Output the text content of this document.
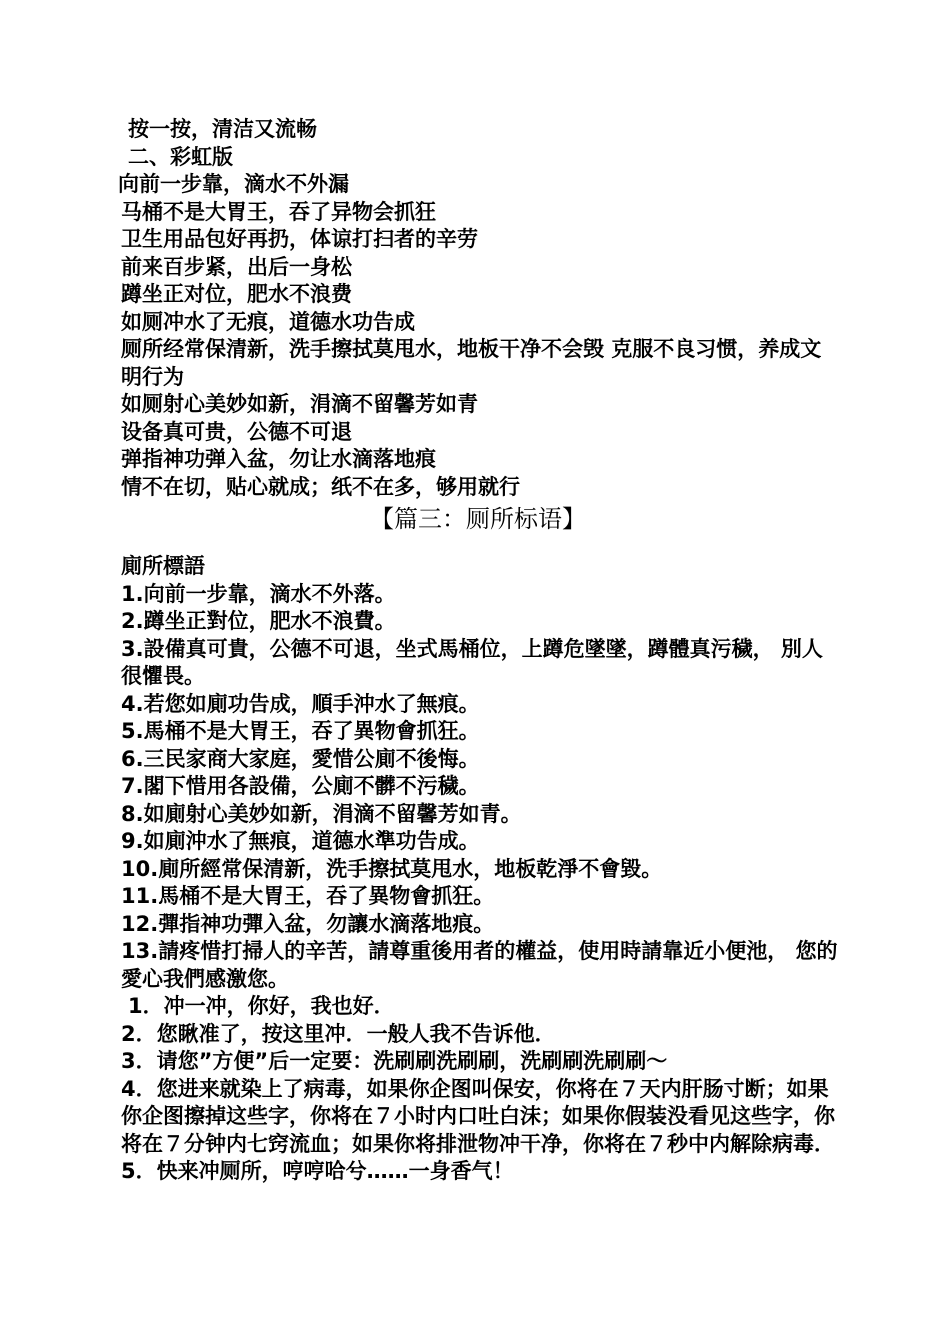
按一按，清洁又流畅
二、彩虹版
向前一步靠，滴水不外漏
马桶不是大胃王，吞了异物会抓狂
卫生用品包好再扔，体谅打扫者的辛劳
前来百步紧，出后一身松
蹲坐正对位，肥水不浪费
如厕冲水了无痕，道德水功告成
厕所经常保清新，洗手擦拭莫甩水，地板干净不会毁 克服不良习惯，养成文明行为
如厕射心美妙如新，涓滴不留馨芳如青
设备真可贵，公德不可退
弹指神功弹入盆，勿让水滴落地痕
情不在切，贴心就成；纸不在多，够用就行
【篇三：厕所标语】
廁所標語
1.向前一步靠，滴水不外落。
2.蹲坐正對位，肥水不浪費。
3.設備真可貴，公德不可退，坐式馬桶位，上蹲危墜墜，蹲體真污穢， 別人很懼畏。
4.若您如廁功告成，順手沖水了無痕。
5.馬桶不是大胃王，吞了異物會抓狂。
6.三民家商大家庭，愛惜公廁不後悔。
7.閣下惜用各設備，公廁不髒不污穢。
8.如廁射心美妙如新，涓滴不留馨芳如青。
9.如廁沖水了無痕，道德水準功告成。
10.廁所經常保清新，洗手擦拭莫甩水，地板乾淨不會毀。
11.馬桶不是大胃王，吞了異物會抓狂。
12.彈指神功彈入盆，勿讓水滴落地痕。
13.請疼惜打掃人的辛苦，請尊重後用者的權益，使用時請靠近小便池， 您的愛心我們感激您。
1．冲一冲，你好，我也好．
2．您瞅准了，按这里冲．一般人我不告诉他．
3．请您”方便”后一定要：洗刷刷洗刷刷，洗刷刷洗刷刷～
4．您进来就染上了病毒，如果你企图叫保安，你将在７天内肝肠寸断；如果你企图擦掉这些字，你将在７小时内口吐白沫；如果你假装没看见这些字，你将在７分钟内七窍流血；如果你将排泄物冲干净，你将在７秒中内解除病毒．
5．快来冲厕所，哼哼哈兮……一身香气！
